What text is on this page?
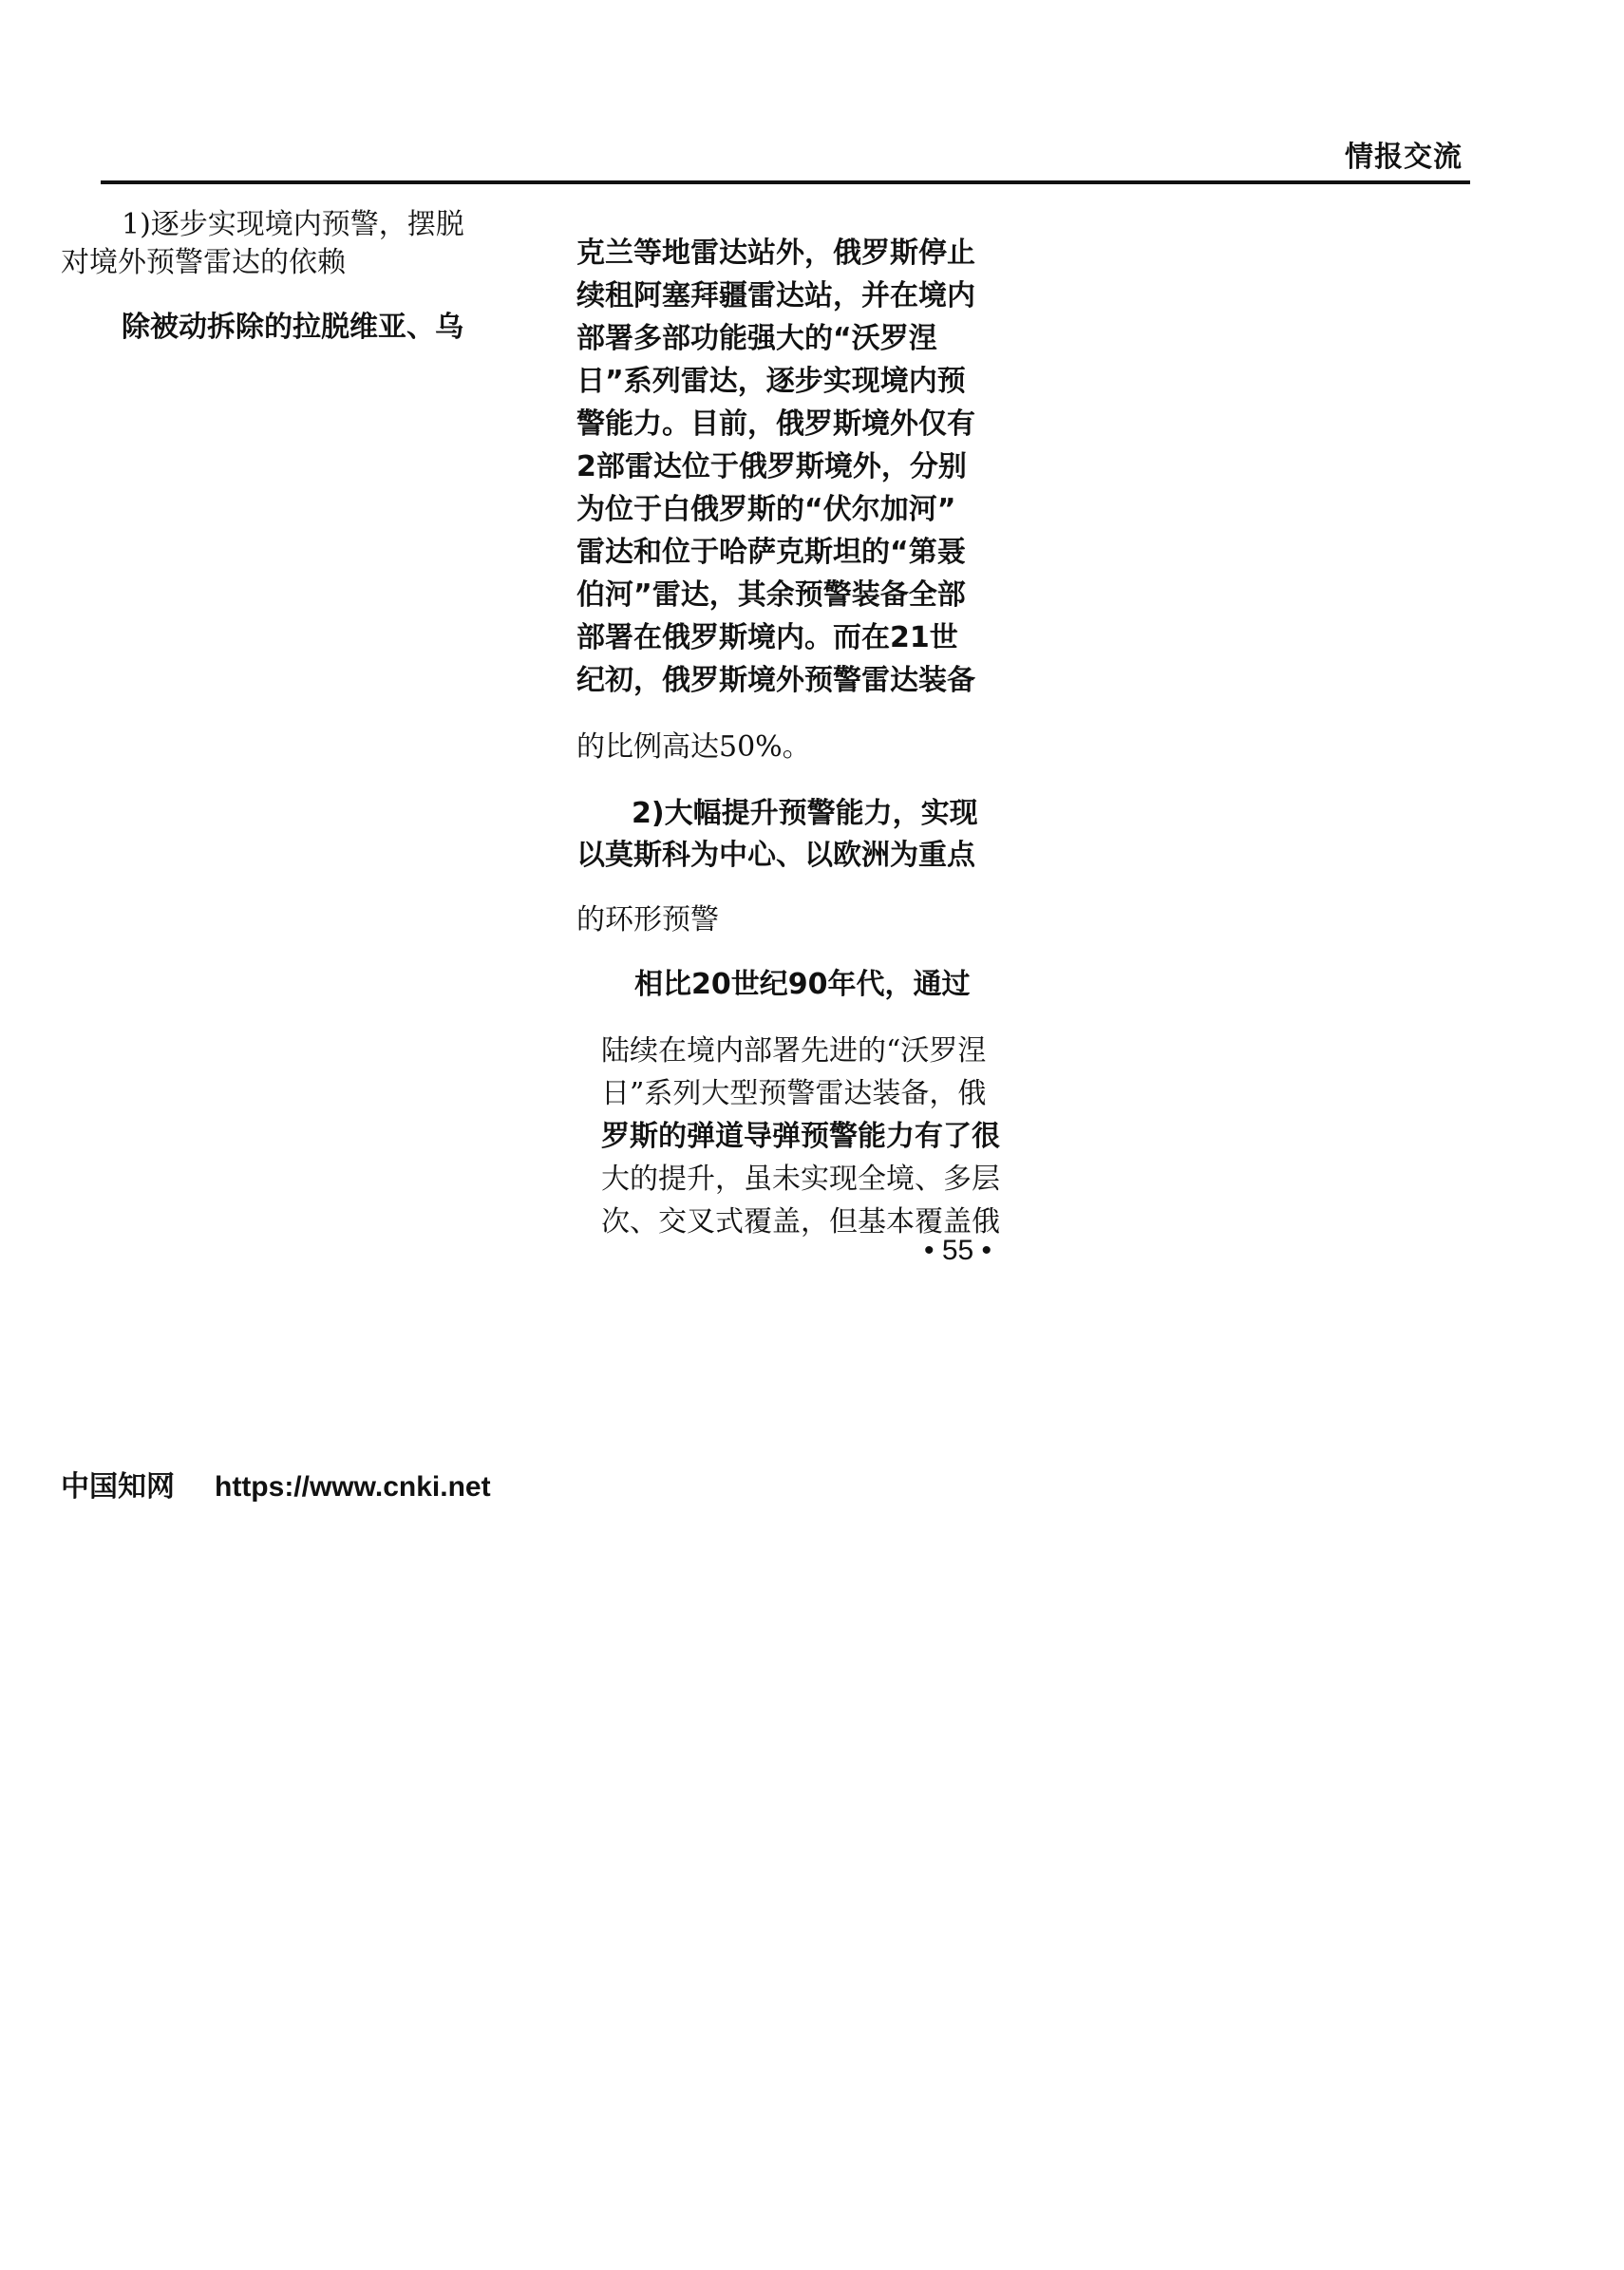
情报交流
1)逐步实现境内预警，摆脱
对境外预警雷达的依赖
除被动拆除的拉脱维亚、乌
克兰等地雷达站外，俄罗斯停止
续租阿塞拜疆雷达站，并在境内
部署多部功能强大的“沃罗涅
日”系列雷达，逐步实现境内预
警能力。目前，俄罗斯境外仅有
2部雷达位于俄罗斯境外，分别
为位于白俄罗斯的“伏尔加河”
雷达和位于哈萨克斯坦的“第聂
伯河”雷达，其余预警装备全部
部署在俄罗斯境内。而在21世
纪初，俄罗斯境外预警雷达装备
的比例高达50%。
2)大幅提升预警能力，实现
以莫斯科为中心、以欧洲为重点
的环形预警
相比20世纪90年代，通过
陆续在境内部署先进的“沃罗涅
日”系列大型预警雷达装备，俄
罗斯的弹道导弹预警能力有了很
大的提升，虽未实现全境、多层
次、交叉式覆盖，但基本覆盖俄
• 55 •
中国知网 https://www.cnki.net
